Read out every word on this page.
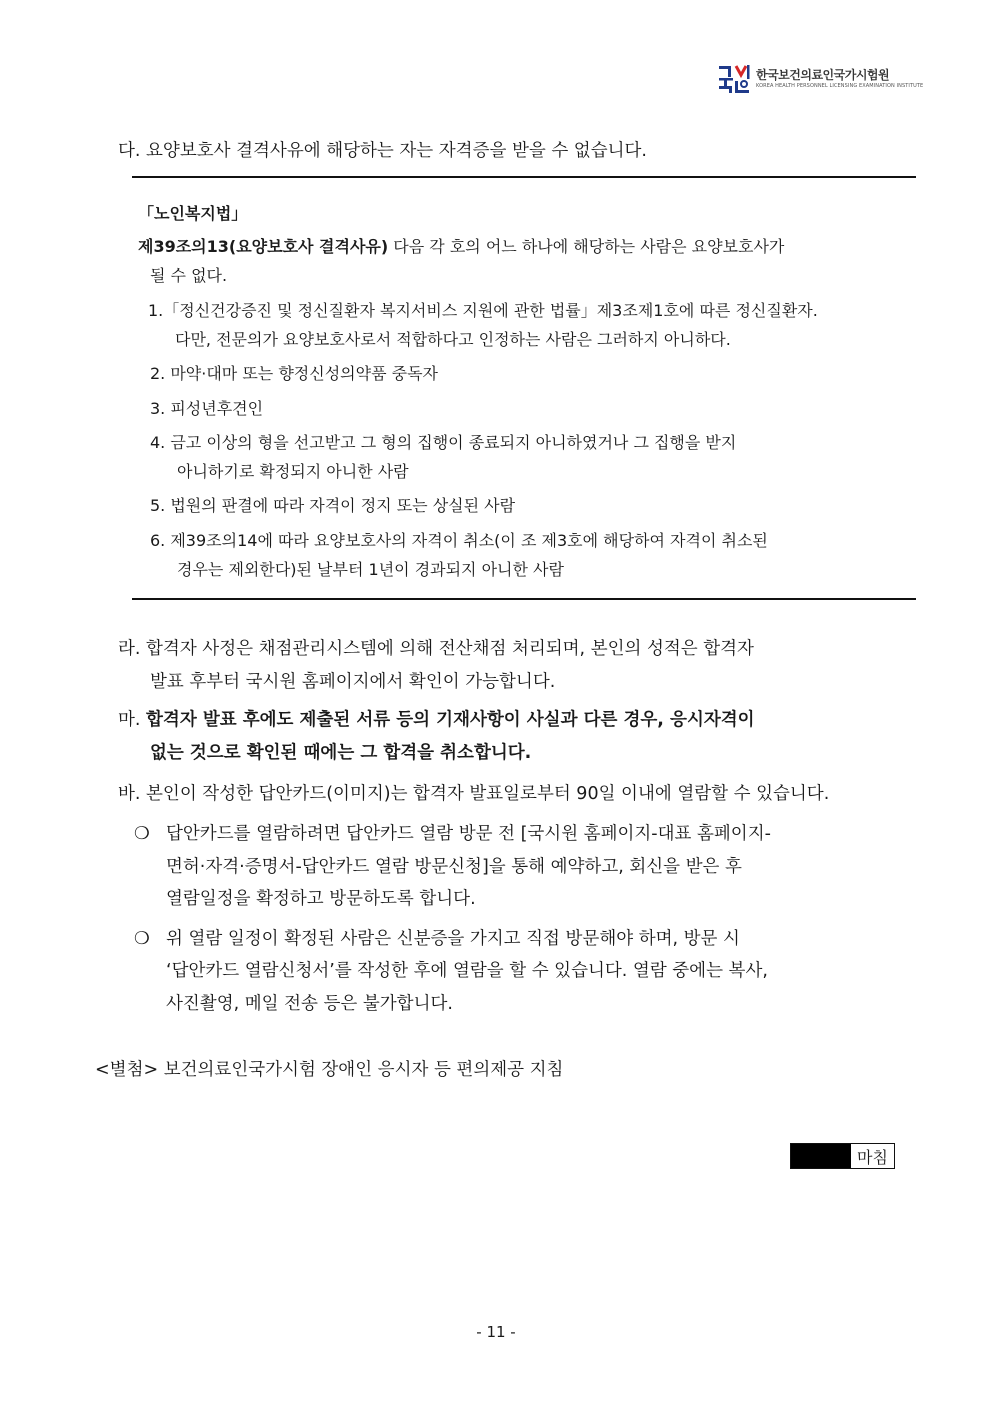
한국보건의료인국가시험원
KOREA HEALTH PERSONNEL LICENSING EXAMINATION INSTITUTE
다. 요양보호사 결격사유에 해당하는 자는 자격증을 받을 수 없습니다.
「노인복지법」
제39조의13(요양보호사 결격사유) 다음 각 호의 어느 하나에 해당하는 사람은 요양보호사가
될 수 없다.
1.「정신건강증진 및 정신질환자 복지서비스 지원에 관한 법률」제3조제1호에 따른 정신질환자.
다만, 전문의가 요양보호사로서 적합하다고 인정하는 사람은 그러하지 아니하다.
2. 마약·대마 또는 향정신성의약품 중독자
3. 피성년후견인
4. 금고 이상의 형을 선고받고 그 형의 집행이 종료되지 아니하였거나 그 집행을 받지
아니하기로 확정되지 아니한 사람
5. 법원의 판결에 따라 자격이 정지 또는 상실된 사람
6. 제39조의14에 따라 요양보호사의 자격이 취소(이 조 제3호에 해당하여 자격이 취소된
경우는 제외한다)된 날부터 1년이 경과되지 아니한 사람
라. 합격자 사정은 채점관리시스템에 의해 전산채점 처리되며, 본인의 성적은 합격자
발표 후부터 국시원 홈페이지에서 확인이 가능합니다.
마. 합격자 발표 후에도 제출된 서류 등의 기재사항이 사실과 다른 경우, 응시자격이
없는 것으로 확인된 때에는 그 합격을 취소합니다.
바. 본인이 작성한 답안카드(이미지)는 합격자 발표일로부터 90일 이내에 열람할 수 있습니다.
❍ 답안카드를 열람하려면 답안카드 열람 방문 전 [국시원 홈페이지-대표 홈페이지-
면허·자격·증명서-답안카드 열람 방문신청]을 통해 예약하고, 회신을 받은 후
열람일정을 확정하고 방문하도록 합니다.
❍ 위 열람 일정이 확정된 사람은 신분증을 가지고 직접 방문해야 하며, 방문 시
‘답안카드 열람신청서’를 작성한 후에 열람을 할 수 있습니다. 열람 중에는 복사,
사진촬영, 메일 전송 등은 불가합니다.
<별첨> 보건의료인국가시험 장애인 응시자 등 편의제공 지침
마침
- 11 -
